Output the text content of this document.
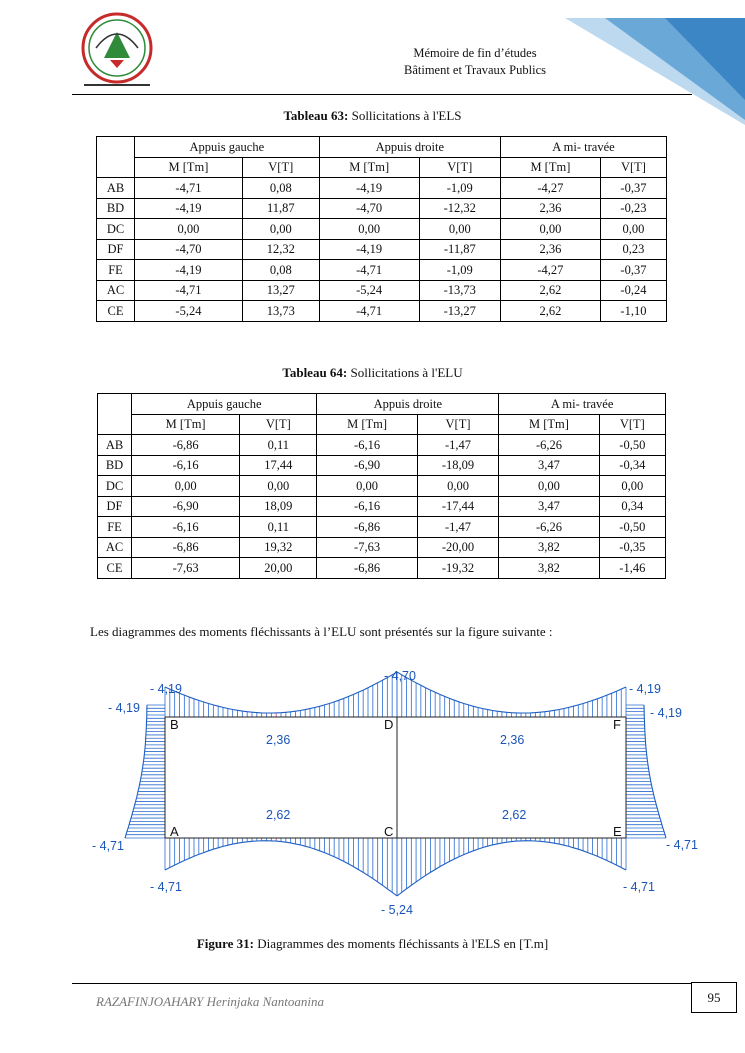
Mémoire de fin d’études
Bâtiment et Travaux Publics
Tableau 63: Sollicitations à l'ELS
	Appuis gauche		Appuis droite		A mi- travée	
	M [Tm]	V[T]	M [Tm]	V[T]	M [Tm]	V[T]
AB	-4,71	0,08	-4,19	-1,09	-4,27	-0,37
BD	-4,19	11,87	-4,70	-12,32	2,36	-0,23
DC	0,00	0,00	0,00	0,00	0,00	0,00
DF	-4,70	12,32	-4,19	-11,87	2,36	0,23
FE	-4,19	0,08	-4,71	-1,09	-4,27	-0,37
AC	-4,71	13,27	-5,24	-13,73	2,62	-0,24
CE	-5,24	13,73	-4,71	-13,27	2,62	-1,10
Tableau 64: Sollicitations à l'ELU
	Appuis gauche		Appuis droite		A mi- travée	
	M [Tm]	V[T]	M [Tm]	V[T]	M [Tm]	V[T]
AB	-6,86	0,11	-6,16	-1,47	-6,26	-0,50
BD	-6,16	17,44	-6,90	-18,09	3,47	-0,34
DC	0,00	0,00	0,00	0,00	0,00	0,00
DF	-6,90	18,09	-6,16	-17,44	3,47	0,34
FE	-6,16	0,11	-6,86	-1,47	-6,26	-0,50
AC	-6,86	19,32	-7,63	-20,00	3,82	-0,35
CE	-7,63	20,00	-6,86	-19,32	3,82	-1,46
Les diagrammes des moments fléchissants à l’ELU sont présentés sur la figure suivante :
B	D	F
A	C	E
- 4,19
- 4,19
- 4,70
- 4,19
- 4,19
2,36	2,36
2,62	2,62
- 4,71	- 4,71
- 4,71	- 4,71
- 5,24
Figure 31: Diagrammes des moments fléchissants à l'ELS en [T.m]
RAZAFINJOAHARY Herinjaka Nantoanina	95
